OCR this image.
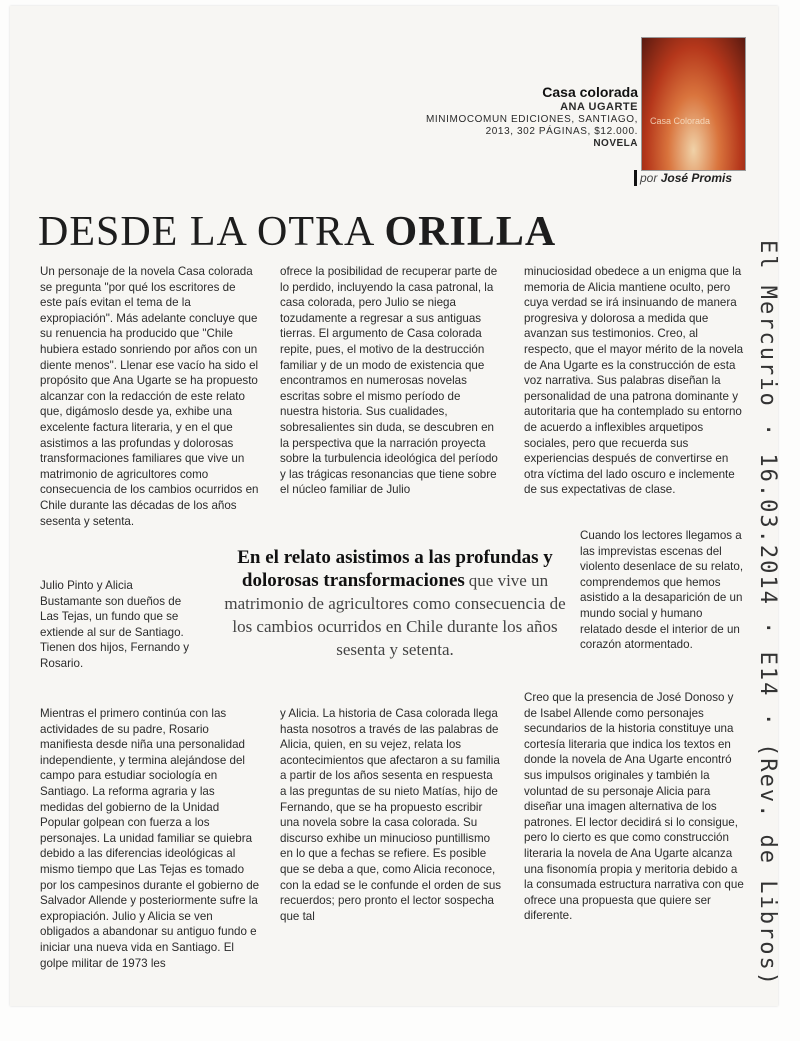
Casa colorada
ANA UGARTE
MINIMOCOMUN EDICIONES, SANTIAGO,
2013, 302 PÁGINAS, $12.000.
NOVELA
Casa Colorada
por José Promis
DESDE LA OTRA ORILLA

Un personaje de la novela Casa colorada se pregunta "por qué los escritores de este país evitan el tema de la expropiación". Más adelante concluye que su renuencia ha producido que "Chile hubiera estado sonriendo por años con un diente menos". Llenar ese vacío ha sido el propósito que Ana Ugarte se ha propuesto alcanzar con la redacción de este relato que, digámoslo desde ya, exhibe una excelente factura literaria, y en el que asistimos a las profundas y dolorosas transformaciones familiares que vive un matrimonio de agricultores como consecuencia de los cambios ocurridos en Chile durante las décadas de los años sesenta y setenta.

Julio Pinto y Alicia Bustamante son dueños de Las Tejas, un fundo que se extiende al sur de Santiago. Tienen dos hijos, Fernando y Rosario.

Mientras el primero continúa con las actividades de su padre, Rosario manifiesta desde niña una personalidad independiente, y termina alejándose del campo para estudiar sociología en Santiago. La reforma agraria y las medidas del gobierno de la Unidad Popular golpean con fuerza a los personajes. La unidad familiar se quiebra debido a las diferencias ideológicas al mismo tiempo que Las Tejas es tomado por los campesinos durante el gobierno de Salvador Allende y posteriormente sufre la expropiación. Julio y Alicia se ven obligados a abandonar su antiguo fundo e iniciar una nueva vida en Santiago. El golpe militar de 1973 les

ofrece la posibilidad de recuperar parte de lo perdido, incluyendo la casa patronal, la casa colorada, pero Julio se niega tozudamente a regresar a sus antiguas tierras. El argumento de Casa colorada repite, pues, el motivo de la destrucción familiar y de un modo de existencia que encontramos en numerosas novelas escritas sobre el mismo período de nuestra historia. Sus cualidades, sobresalientes sin duda, se descubren en la perspectiva que la narración proyecta sobre la turbulencia ideológica del período y las trágicas resonancias que tiene sobre el núcleo familiar de Julio

y Alicia. La historia de Casa colorada llega hasta nosotros a través de las palabras de Alicia, quien, en su vejez, relata los acontecimientos que afectaron a su familia a partir de los años sesenta en respuesta a las preguntas de su nieto Matías, hijo de Fernando, que se ha propuesto escribir una novela sobre la casa colorada. Su discurso exhibe un minucioso puntillismo en lo que a fechas se refiere. Es posible que se deba a que, como Alicia reconoce, con la edad se le confunde el orden de sus recuerdos; pero pronto el lector sospecha que tal

minuciosidad obedece a un enigma que la memoria de Alicia mantiene oculto, pero cuya verdad se irá insinuando de manera progresiva y dolorosa a medida que avanzan sus testimonios. Creo, al respecto, que el mayor mérito de la novela de Ana Ugarte es la construcción de esta voz narrativa. Sus palabras diseñan la personalidad de una patrona dominante y autoritaria que ha contemplado su entorno de acuerdo a inflexibles arquetipos sociales, pero que recuerda sus experiencias después de convertirse en otra víctima del lado oscuro e inclemente de sus expectativas de clase.

Cuando los lectores llegamos a las imprevistas escenas del violento desenlace de su relato, comprendemos que hemos asistido a la desaparición de un mundo social y humano relatado desde el interior de un corazón atormentado.

Creo que la presencia de José Donoso y de Isabel Allende como personajes secundarios de la historia constituye una cortesía literaria que indica los textos en donde la novela de Ana Ugarte encontró sus impulsos originales y también la voluntad de su personaje Alicia para diseñar una imagen alternativa de los patrones. El lector decidirá si lo consigue, pero lo cierto es que como construcción literaria la novela de Ana Ugarte alcanza una fisonomía propia y meritoria debido a la consumada estructura narrativa con que ofrece una propuesta que quiere ser diferente.

En el relato asistimos a las profundas y dolorosas transformaciones que vive un matrimonio de agricultores como consecuencia de los cambios ocurridos en Chile durante los años sesenta y setenta.	El Mercurio · 16.03.2014 · E14 · (Rev. de Libros)
